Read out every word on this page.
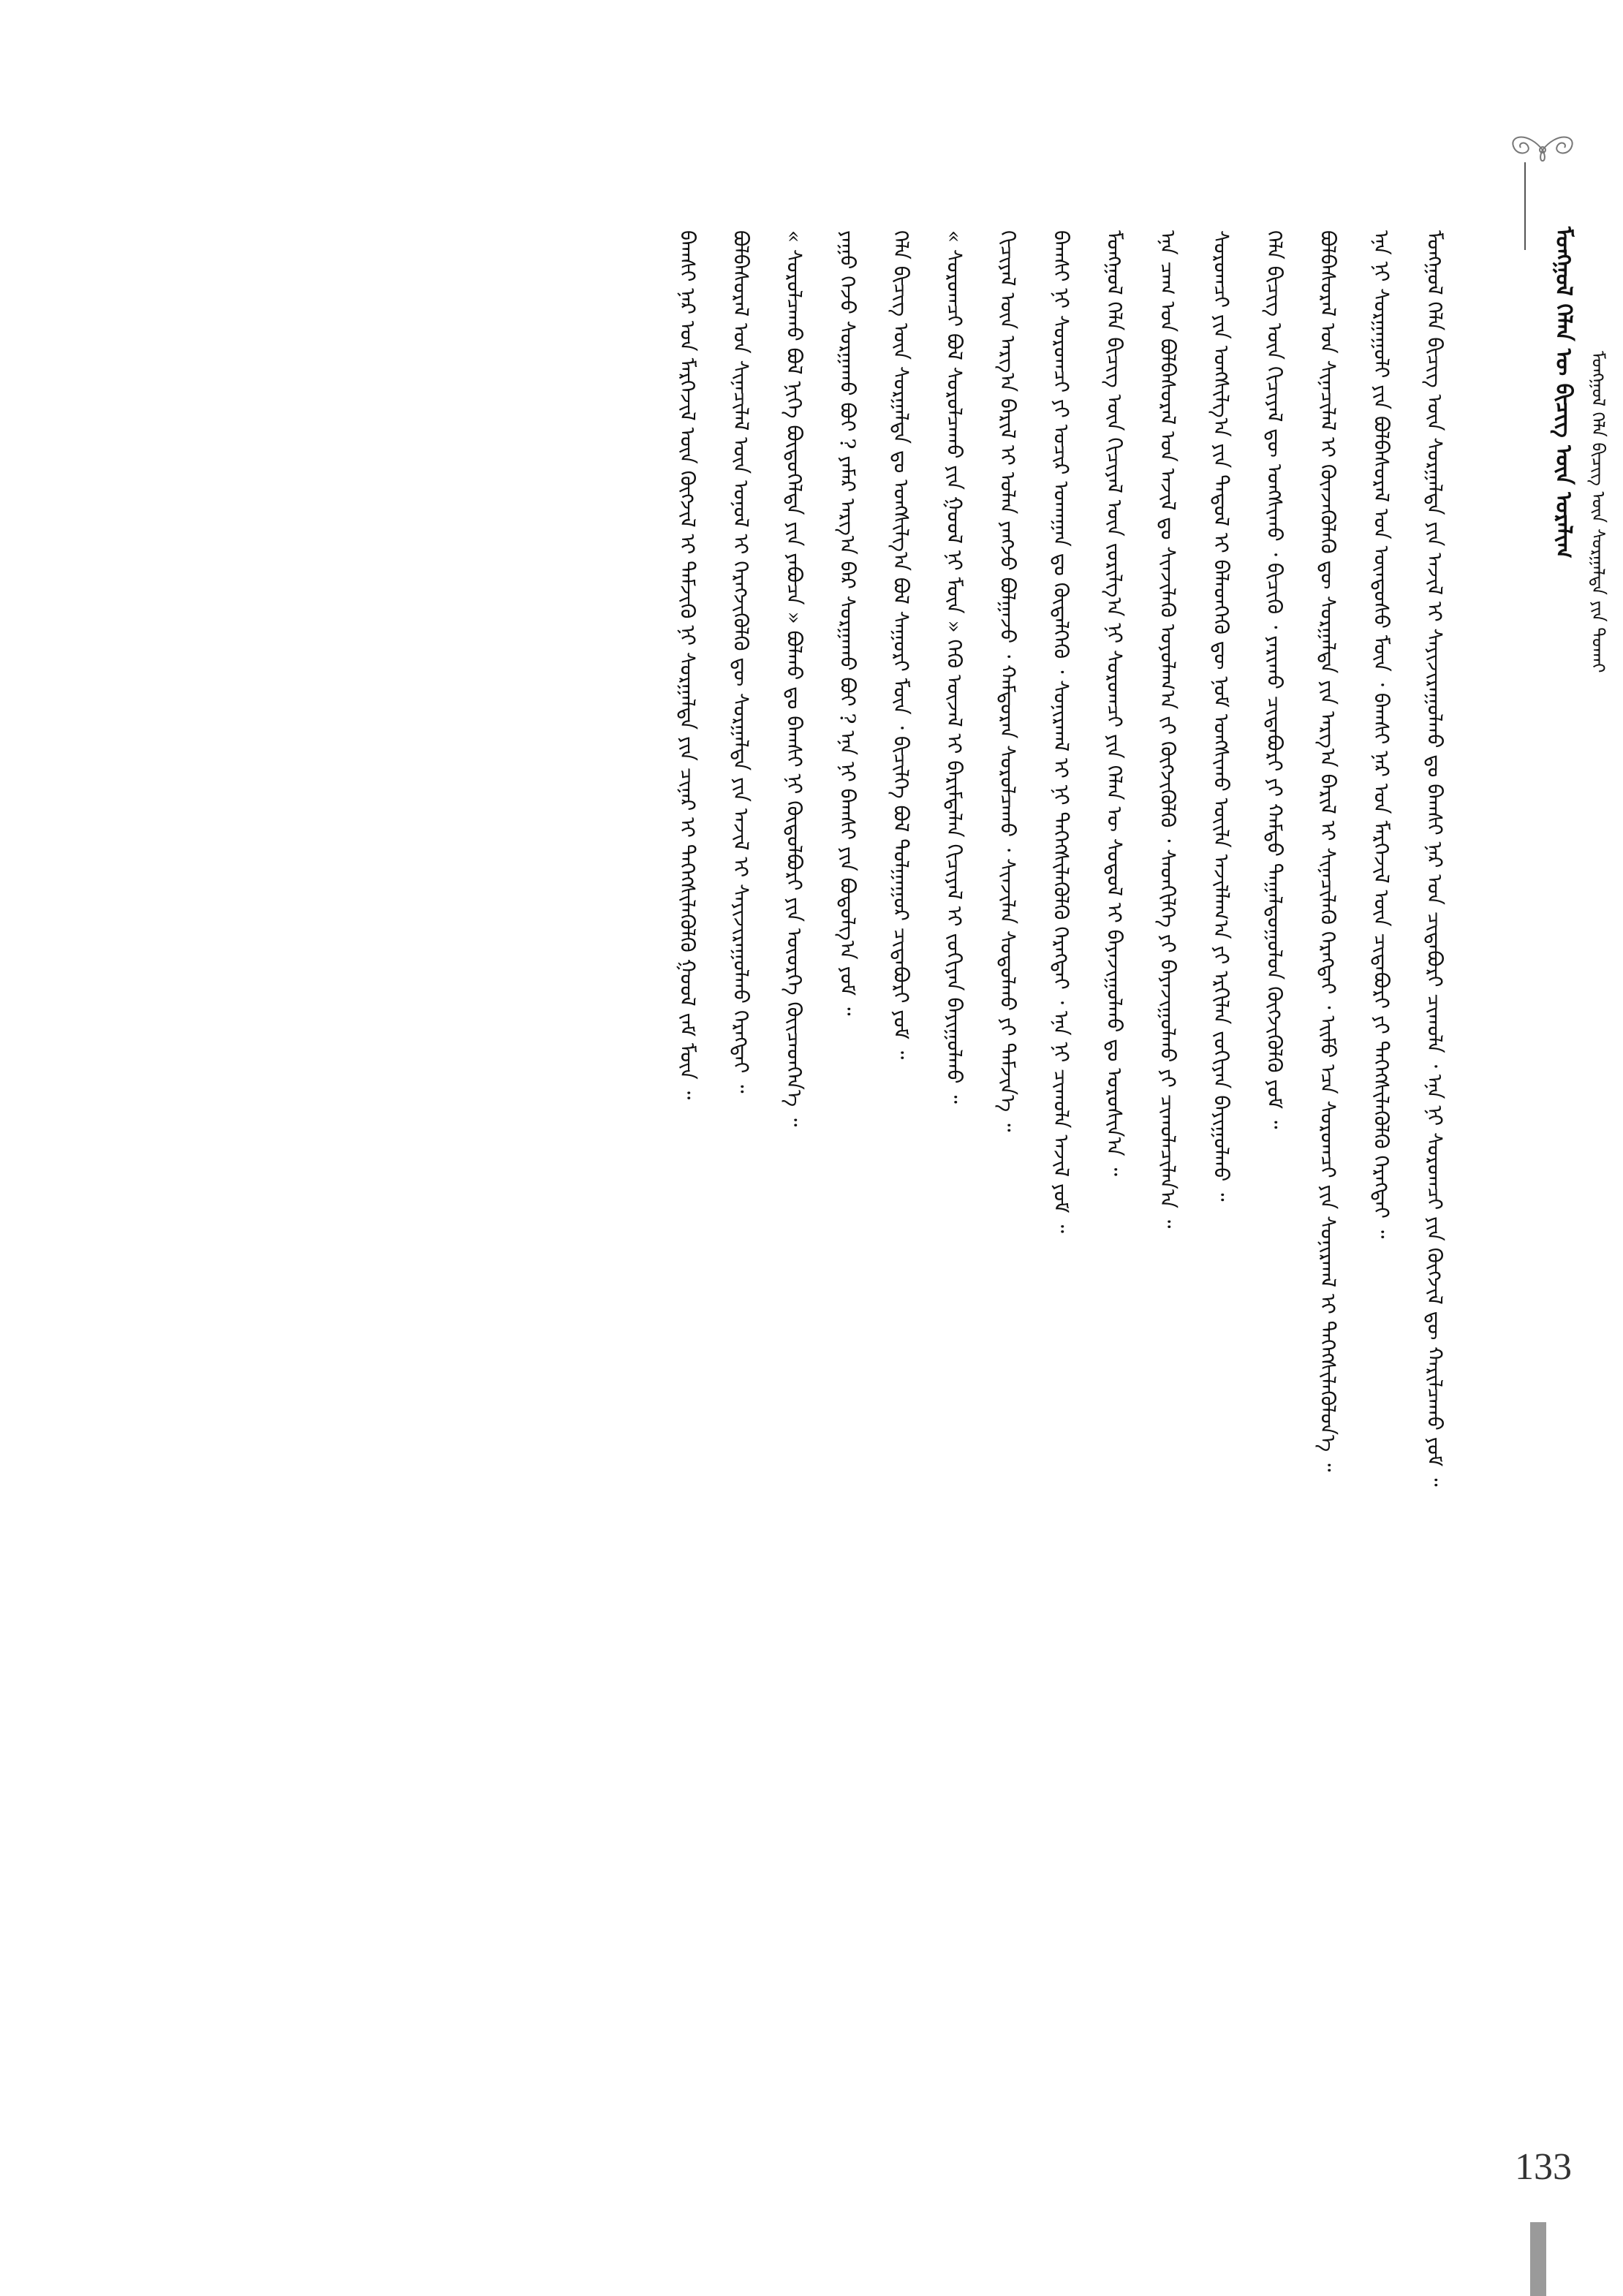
ᠮᠣᠩᠭᠣᠯ ᠬᠡᠯᠡᠨ ᠦ ᠪᠢᠴᠢᠭ᠌ ᠦᠨ ᠤᠷᠠᠯᠢᠭ ᠮᠣᠩᠭᠣᠯ ᠬᠡᠯᠡ ᠪᠢᠴᠢᠭ ᠦᠨ ᠰᠤᠷᠭᠠᠯᠲᠠ ᠶᠢᠨ ᠲᠤᠬᠠᠢ
ᠮᠣᠩᠭᠣᠯ ᠬᠡᠯᠡ ᠪᠢᠴᠢᠭ ᠦᠨ ᠰᠤᠷᠭᠠᠯᠲᠠ ᠶᠢᠨ ᠠᠵᠢᠯ ᠢ ᠰᠠᠶᠢᠵᠢᠷᠠᠭᠤᠯᠬᠤ ᠳᠤ ᠪᠠᠭᠰᠢ ᠨᠠᠷ ᠤᠨ ᠴᠢᠳᠠᠪᠦᠷᠢ ᠴᠢᠬᠤᠯᠠ ᠂ ᠡᠨᠡ ᠨᠢ ᠰᠤᠷᠤᠭᠴᠢ ᠶᠢᠨ ᠬᠥᠭᠵᠢᠯ ᠳᠦ ᠬᠠᠷᠢᠯᠴᠠᠬᠤ ᠶᠤᠮ ᠃
ᠡᠨᠡ ᠨᠢ ᠰᠤᠷᠭᠠᠭᠤᠯᠢ ᠶᠢᠨ ᠪᠣᠯᠪᠠᠰᠤᠷᠠᠯ ᠤᠨ ᠦᠨᠳᠦᠰᠦ ᠮᠥᠨ ᠂ ᠪᠠᠭᠰᠢ ᠨᠠᠷ ᠤᠨ ᠮᠡᠷᠭᠡᠵᠢᠯ ᠦᠨ ᠴᠢᠳᠠᠪᠦᠷᠢ ᠶᠢ ᠳᠡᠭᠡᠭᠰᠢᠯᠡᠭᠦᠯᠬᠦ ᠬᠡᠷᠡᠭᠲᠡᠢ ᠃
ᠪᠣᠯᠪᠠᠰᠤᠷᠠᠯ ᠤᠨ ᠰᠢᠨᠡᠴᠢᠯᠡᠯ ᠢ ᠭᠦᠨᠵᠡᠭᠦᠯᠡᠬᠦ ᠳᠦ ᠰᠤᠷᠭᠠᠯᠲᠠ ᠶᠢᠨ ᠠᠷᠭ᠎ᠠ ᠪᠠᠷᠢᠯ ᠢ ᠰᠢᠨᠡᠴᠢᠯᠡᠬᠦ ᠬᠡᠷᠡᠭᠲᠡᠢ ᠂ ᠡᠢᠮᠤ ᠡᠴᠡ ᠰᠤᠷᠤᠭᠴᠢ ᠶᠢᠨ ᠰᠣᠨᠢᠷᠬᠠᠯ ᠢ ᠳᠡᠭᠡᠭᠰᠢᠯᠡᠭᠦᠯᠦᠨ᠎ᠡ ᠃
ᠬᠡᠯᠡ ᠪᠢᠴᠢᠭ ᠦᠨ ᠬᠢᠴᠢᠶᠡᠯ ᠳᠦ ᠤᠩᠰᠢᠬᠤ ᠂ ᠪᠢᠴᠢᠬᠦ ᠂ ᠶᠠᠷᠢᠬᠤ ᠴᠢᠳᠠᠪᠦᠷᠢ ᠶᠢ ᠬᠠᠮᠲᠤ ᠳᠠᠭᠠᠯᠳᠤᠭᠤᠯᠤᠨ ᠬᠥᠭᠵᠢᠭᠦᠯᠬᠦ ᠶᠤᠮ ᠃
ᠰᠤᠷᠤᠭᠴᠢ ᠶᠢᠨ ᠤᠩᠰᠢᠯᠭ᠎ᠠ ᠶᠢᠨ ᠳᠠᠳᠤᠯ ᠢ ᠪᠡᠯᠡᠳᠬᠡᠬᠦ ᠳᠦ ᠨᠣᠮ ᠤᠩᠰᠢᠬᠤ ᠦᠢᠯᠡ ᠠᠵᠢᠯᠯᠠᠭ᠎ᠠ ᠶᠢ ᠡᠷᠬᠢᠯᠡᠨ ᠵᠣᠬᠢᠶᠠᠨ ᠪᠠᠶᠢᠭᠤᠯᠬᠤ ᠃
ᠡᠨᠡ ᠴᠠᠭ ᠤᠨ ᠪᠣᠯᠪᠠᠰᠤᠷᠠᠯ ᠤᠨ ᠠᠵᠢᠯ ᠳᠤ ᠰᠢᠨᠵᠢᠯᠡᠬᠦ ᠤᠶᠤᠯᠠᠭ᠎ᠠ ᠵᠢ ᠬᠥᠭᠵᠢᠭᠦᠯᠬᠦ ᠂ ᠰᠡᠳᠬᠢᠯᠭᠡ ᠶᠢ ᠪᠠᠶᠠᠵᠢᠭᠤᠯᠬᠤ ᠶᠢ ᠴᠢᠬᠤᠯᠠᠴᠢᠯᠠᠨ᠎ᠠ ᠃
ᠮᠣᠩᠭᠣᠯ ᠬᠡᠯᠡ ᠪᠢᠴᠢᠭ ᠦᠨ ᠬᠢᠴᠢᠶᠡᠯ ᠦᠨ ᠵᠣᠷᠢᠯᠭ᠎ᠠ ᠨᠢ ᠰᠤᠷᠤᠭᠴᠢ ᠶᠢᠨ ᠬᠡᠯᠡᠨ ᠦ ᠰᠤᠳᠤᠯ ᠢ ᠪᠠᠶᠠᠵᠢᠭᠤᠯᠬᠤ ᠳᠤ ᠣᠷᠣᠰᠢᠨ᠎ᠠ ᠃
ᠪᠠᠭᠰᠢ ᠨᠢ ᠰᠤᠷᠤᠭᠴᠢ ᠶᠢ ᠤᠴᠢᠷ ᠤᠬᠠᠭᠠᠨ ᠳᠤ ᠬᠥᠳᠡᠯᠭᠡᠬᠦ ᠂ ᠰᠣᠨᠢᠷᠬᠠᠯ ᠢ ᠨᠢ ᠳᠡᠭᠡᠭᠰᠢᠯᠡᠭᠦᠯᠬᠦ ᠬᠡᠷᠡᠭᠲᠡᠢ ᠂ ᠡᠨᠡ ᠨᠢ ᠴᠢᠬᠤᠯᠠ ᠠᠵᠢᠯ ᠶᠤᠮ ᠃
ᠬᠢᠴᠢᠶᠡᠯ ᠦᠨ ᠠᠷᠭ᠎ᠠ ᠪᠠᠷᠢᠯ ᠢ ᠣᠯᠠᠨ ᠶᠠᠩᠵᠤ ᠪᠣᠯᠭᠠᠵᠤ ᠂ ᠬᠠᠮᠲᠤᠷᠠᠨ ᠰᠤᠷᠤᠯᠴᠠᠬᠤ ᠂ ᠰᠢᠨᠵᠢᠯᠡᠨ ᠰᠤᠳᠤᠯᠬᠤ ᠶᠢ ᠳᠡᠮᠵᠢᠨ᠎ᠡ ᠃
« ᠰᠤᠷᠤᠭᠴᠢ ᠪᠣᠯ ᠰᠤᠷᠤᠯᠴᠠᠬᠤ ᠶᠢᠨ ᠭᠣᠣᠯ ᠨᠢ ᠮᠥᠨ » ᠭᠡᠬᠦ ᠦᠵᠡᠯ ᠢ ᠪᠠᠷᠢᠮᠲᠠᠯᠠᠨ ᠬᠢᠴᠢᠶᠡᠯ ᠢ ᠵᠣᠬᠢᠶᠠᠨ ᠪᠠᠶᠢᠭᠤᠯᠬᠤ ᠃
ᠬᠡᠯᠡ ᠪᠢᠴᠢᠭ ᠦᠨ ᠰᠤᠷᠭᠠᠯᠲᠠ ᠳᠤ ᠤᠩᠰᠢᠯᠭ᠎ᠠ ᠪᠣᠯ ᠰᠠᠭᠤᠷᠢ ᠮᠥᠨ ᠂ ᠪᠢᠴᠢᠯᠭᠡ ᠪᠣᠯ ᠲᠤᠯᠭᠠᠭᠤᠷ ᠴᠢᠳᠠᠪᠦᠷᠢ ᠶᠤᠮ ᠃
ᠶᠠᠭᠤ ᠭᠡᠵᠦ ᠰᠤᠷᠭᠠᠬᠤ ᠪᠤᠢ ? ᠶᠠᠮᠠᠷ ᠠᠷᠭ᠎ᠠ ᠪᠠᠷ ᠰᠤᠷᠭᠠᠬᠤ ᠪᠤᠢ ? ᠡᠨᠡ ᠨᠢ ᠪᠠᠭᠰᠢ ᠶᠢᠨ ᠪᠣᠳᠤᠯᠭ᠎ᠠ ᠶᠤᠮ ᠃
« ᠰᠤᠷᠤᠯᠴᠠᠬᠤ ᠪᠣᠯ ᠨᠢᠭᠡ ᠪᠦᠲᠦᠭᠡᠯᠲᠡ ᠶᠢᠨ ᠶᠠᠪᠤᠴᠠ » ᠪᠣᠯᠬᠤ ᠳᠤ ᠪᠠᠭᠰᠢ ᠨᠢ ᠬᠥᠲᠦᠯᠪᠦᠷᠢ ᠶᠢᠨ ᠦᠦᠷᠭᠡ ᠭᠦᠢᠴᠡᠳᠬᠡᠨ᠎ᠡ ᠃
ᠪᠣᠯᠪᠠᠰᠤᠷᠠᠯ ᠤᠨ ᠰᠢᠨᠡᠴᠢᠯᠡᠯ ᠦᠨ ᠣᠨᠣᠯ ᠢ ᠬᠡᠷᠡᠭᠵᠢᠭᠦᠯᠬᠦ ᠳᠦ ᠰᠤᠷᠭᠠᠯᠲᠠ ᠶᠢᠨ ᠠᠵᠢᠯ ᠢ ᠰᠠᠶᠢᠵᠢᠷᠠᠭᠤᠯᠬᠤ ᠬᠡᠷᠡᠭᠲᠡᠢ ᠃
ᠪᠠᠭᠰᠢ ᠨᠠᠷ ᠤᠨ ᠮᠡᠷᠭᠡᠵᠢᠯ ᠦᠨ ᠬᠥᠭᠵᠢᠯ ᠢ ᠳᠡᠮᠵᠢᠬᠦ ᠨᠢ ᠰᠤᠷᠭᠠᠯᠲᠠ ᠶᠢᠨ ᠴᠢᠨᠠᠷ ᠢ ᠳᠡᠭᠡᠭᠰᠢᠯᠡᠭᠦᠯᠬᠦ ᠭᠣᠣᠯ ᠵᠠᠮ ᠮᠥᠨ ᠃
133
